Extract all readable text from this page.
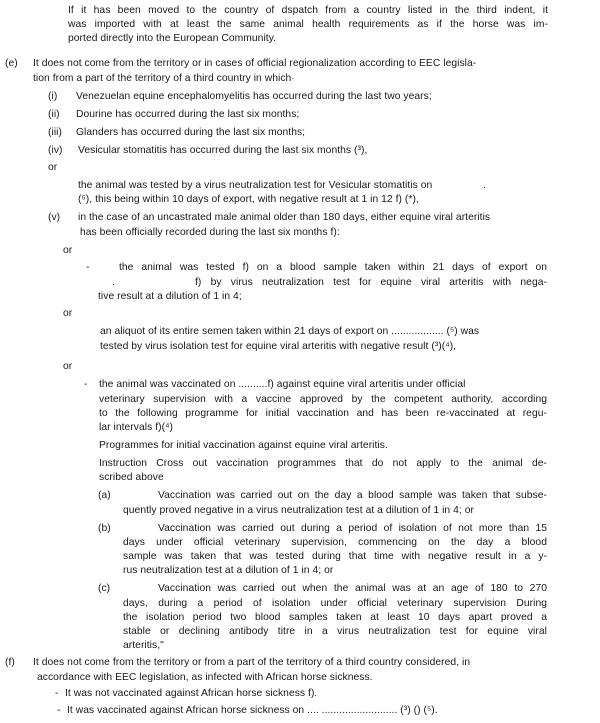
If it has been moved to the country of dspatch from a country listed in the third indent, it
was imported with at least the same animal health requirements as if the horse was im-
ported directly into the European Community.
(e) It does not come from the territory or in cases of official regionalization according to EEC legisla-
tion from a part of the territory of a third country in which·
(i) Venezuelan equine encephalomyelitis has occurred during the last two years;
(ii) Dourine has occurred during the last six months;
(iii) Glanders has occurred during the last six months;
(iv) Vesicular stomatitis has occurred during the last six months (³),
or
the animal was tested by a virus neutralization test for Vesicular stomatitis on	.
(⁵), this being within 10 days of export, with negative result at 1 in 12 f) (*),
(v) in the case of an uncastrated male animal older than 180 days, either equine viral arteritis
has been officially recorded during the last six months f):
or
-	the animal was tested f) on a blood sample taken within 21 days of export on
.	f) by virus neutralization test for equine viral arteritis with nega-
tive result at a dilution of 1 in 4;
or
an aliquot of its entire semen taken within 21 days of export on .................. (⁵) was
tested by virus isolation test for equine viral arteritis with negative result (³)(⁴),
or
- the animal was vaccinated on ..........f) against equine viral arteritis under official
veterinary supervision with a vaccine approved by the competent authority, according
to the following programme for initial vaccination and has been re-vaccinated at regu-
lar intervals f)(⁴)
Programmes for initial vaccination against equine viral arteritis.
Instruction Cross out vaccination programmes that do not apply to the animal de-
scribed above
(a)	Vaccination was carried out on the day a blood sample was taken that subse-
quently proved negative in a virus neutralization test at a dilution of 1 in 4; or
(b)	Vaccination was carried out during a period of isolation of not more than 15
days under official veterinary supervision, commencing on the day a blood
sample was taken that was tested during that time with negative result in a y-
rus neutralization test at a dilution of 1 in 4; or
(c)	Vaccination was carried out when the animal was at an age of 180 to 270
days, during a period of isolation under official veterinary supervision During
the isolation period two blood samples taken at least 10 days apart proved a
stable or declining antibody titre in a virus neutralization test for equine viral
arteritis,"
(f) It does not come from the territory or from a part of the territory of a third country considered, in
accordance with EEC legislation, as infected with African horse sickness.
- It was not vaccinated against African horse sickness f).
- It was vaccinated against African horse sickness on .... .......................... (³) () (⁵).
